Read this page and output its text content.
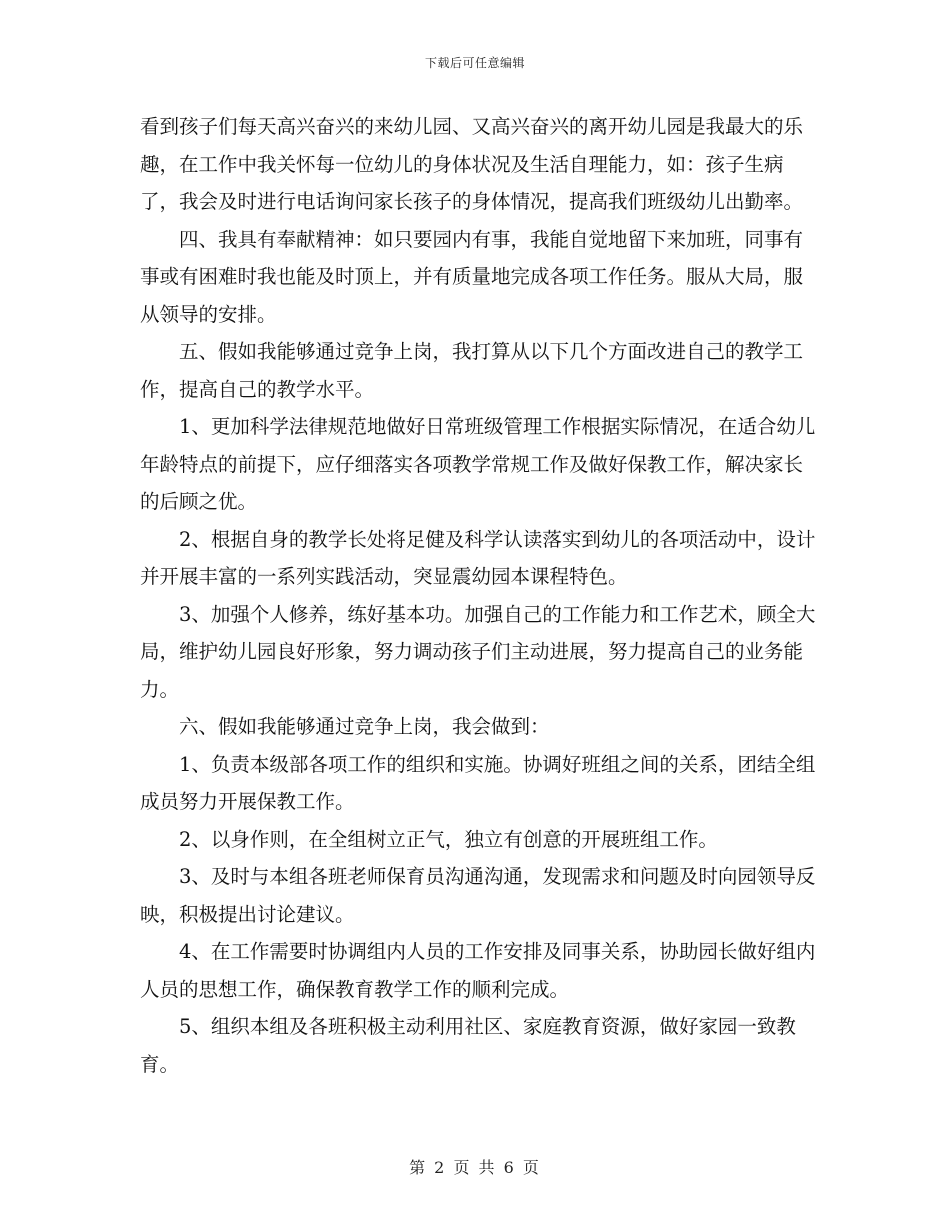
下载后可任意编辑

看到孩子们每天高兴奋兴的来幼儿园、又高兴奋兴的离开幼儿园是我最大的乐趣，在工作中我关怀每一位幼儿的身体状况及生活自理能力，如：孩子生病了，我会及时进行电话询问家长孩子的身体情况，提高我们班级幼儿出勤率。

四、我具有奉献精神：如只要园内有事，我能自觉地留下来加班，同事有事或有困难时我也能及时顶上，并有质量地完成各项工作任务。服从大局，服从领导的安排。

五、假如我能够通过竞争上岗，我打算从以下几个方面改进自己的教学工作，提高自己的教学水平。

1、更加科学法律规范地做好日常班级管理工作根据实际情况，在适合幼儿年龄特点的前提下，应仔细落实各项教学常规工作及做好保教工作，解决家长的后顾之优。

2、根据自身的教学长处将足健及科学认读落实到幼儿的各项活动中，设计并开展丰富的一系列实践活动，突显震幼园本课程特色。

3、加强个人修养，练好基本功。加强自己的工作能力和工作艺术，顾全大局，维护幼儿园良好形象，努力调动孩子们主动进展，努力提高自己的业务能力。

六、假如我能够通过竞争上岗，我会做到：

1、负责本级部各项工作的组织和实施。协调好班组之间的关系，团结全组成员努力开展保教工作。

2、以身作则，在全组树立正气，独立有创意的开展班组工作。

3、及时与本组各班老师保育员沟通沟通，发现需求和问题及时向园领导反映，积极提出讨论建议。

4、在工作需要时协调组内人员的工作安排及同事关系，协助园长做好组内人员的思想工作，确保教育教学工作的顺利完成。

5、组织本组及各班积极主动利用社区、家庭教育资源，做好家园一致教育。

第 2 页 共 6 页
